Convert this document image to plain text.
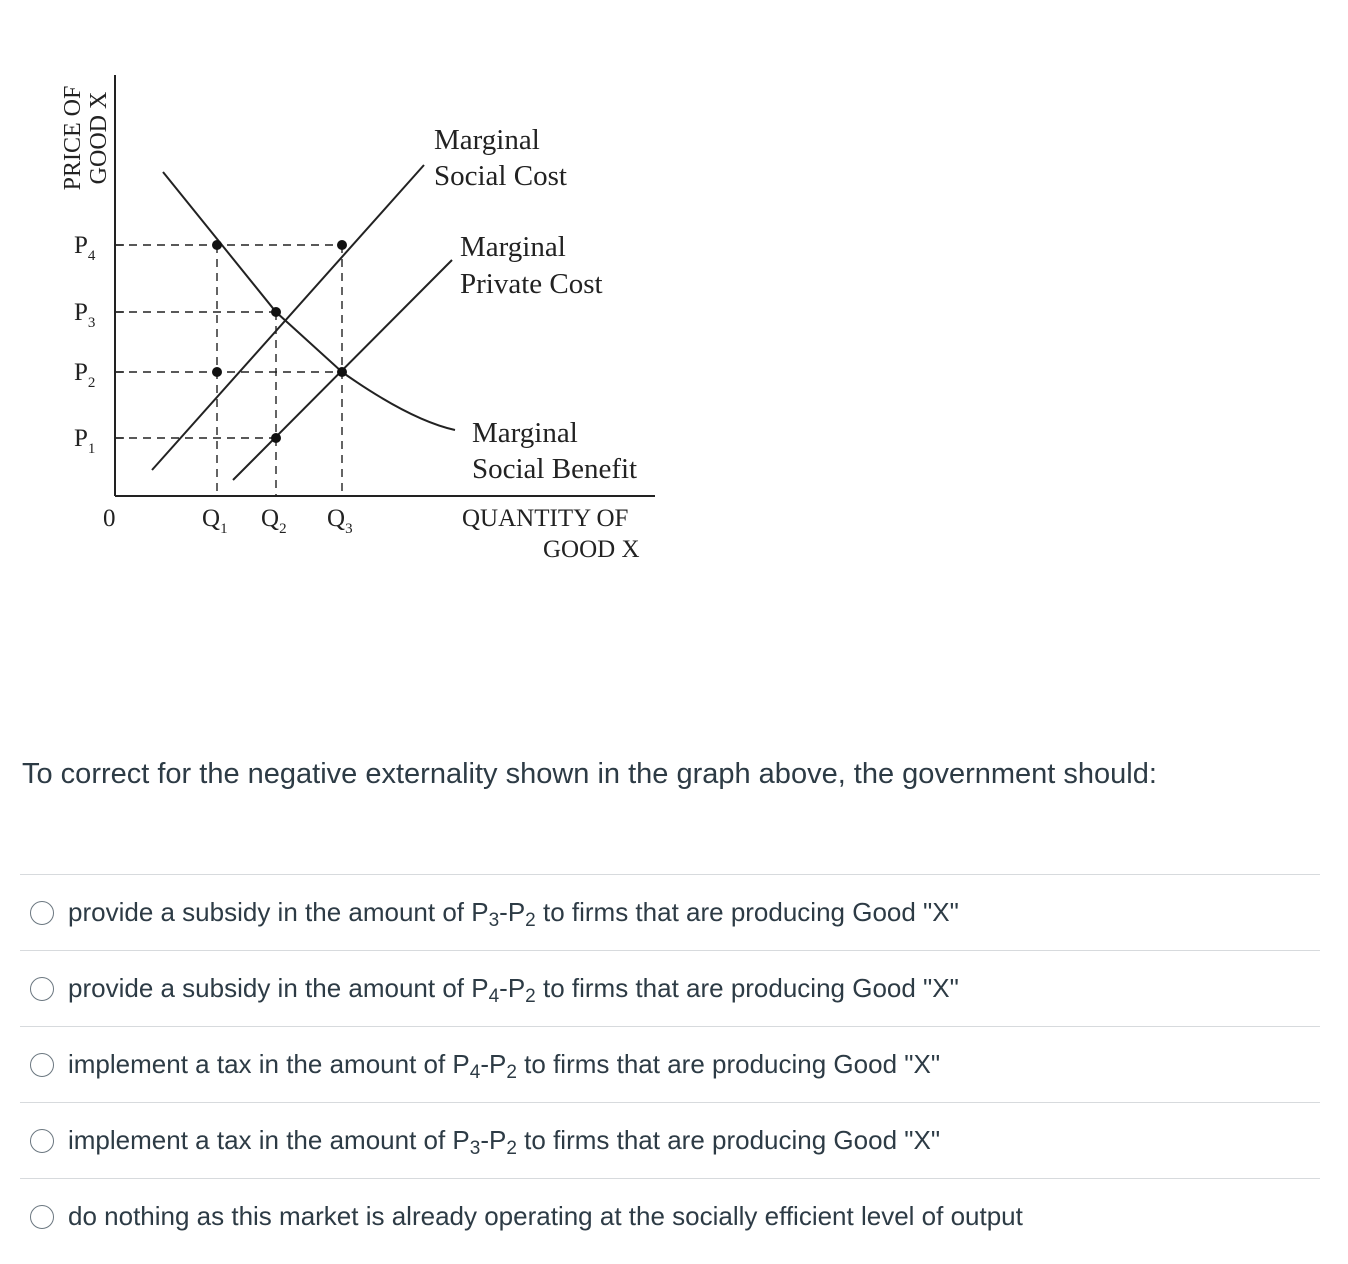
PRICE OF GOOD X
$P_4$
$P_3$
$P_2$
$P_1$
0	$Q_1$ $Q_2$ $Q_3$	QUANTITY OF
GOOD X
Marginal
Social Cost
Marginal
Private Cost
Marginal
Social Benefit

To correct for the negative externality shown in the graph above, the government should:

provide a subsidy in the amount of $P_3-P_2$ to firms that are producing Good "X"
provide a subsidy in the amount of $P_4-P_2$ to firms that are producing Good "X"
implement a tax in the amount of $P_4-P_2$ to firms that are producing Good "X"
implement a tax in the amount of $P_3-P_2$ to firms that are producing Good "X"
do nothing as this market is already operating at the socially efficient level of output
